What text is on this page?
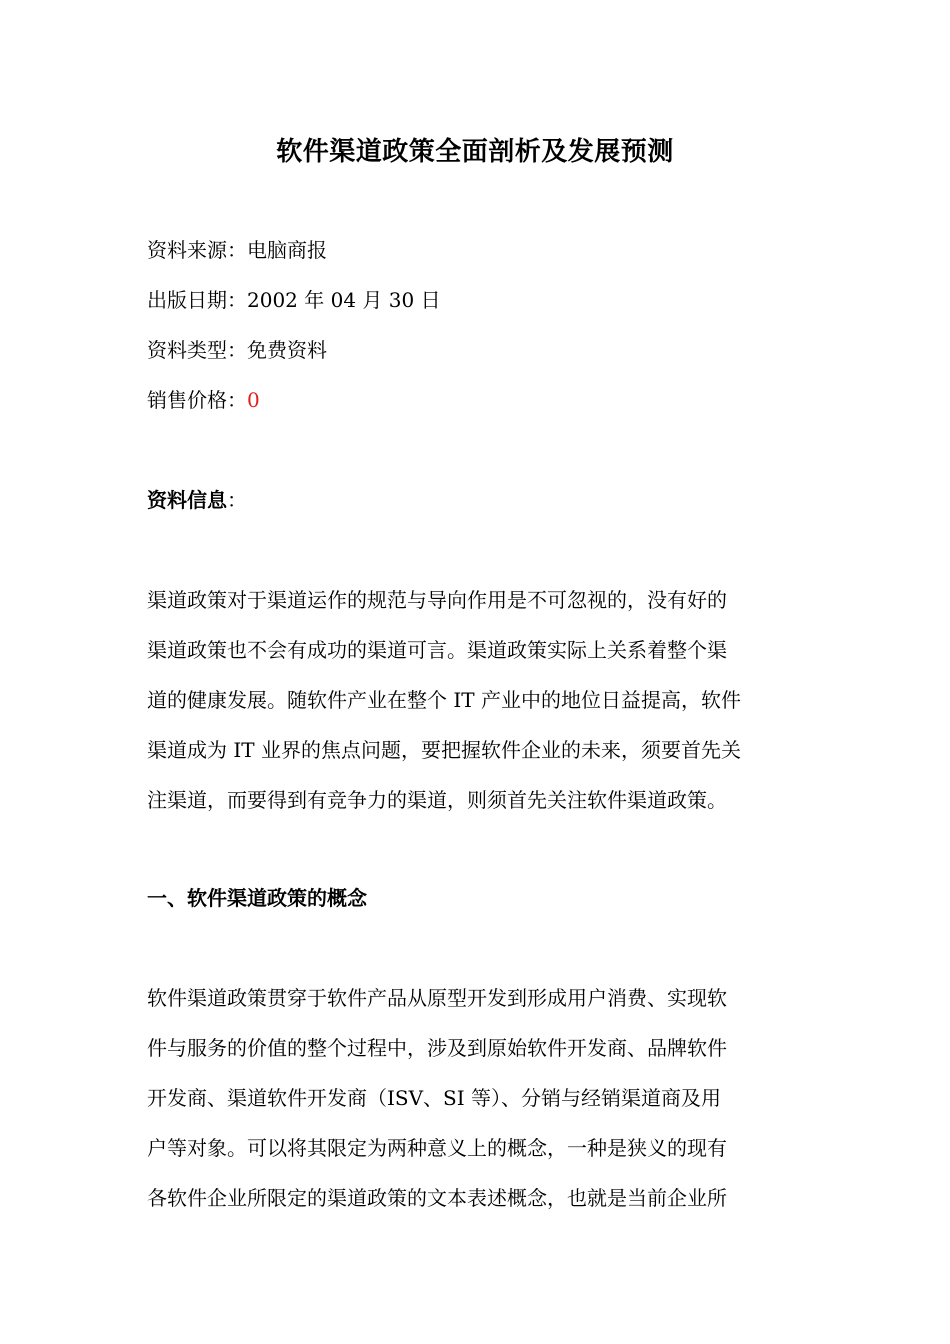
软件渠道政策全面剖析及发展预测
资料来源：电脑商报
出版日期：2002 年 04 月 30 日
资料类型：免费资料
销售价格：0
资料信息：
渠道政策对于渠道运作的规范与导向作用是不可忽视的，没有好的
渠道政策也不会有成功的渠道可言。渠道政策实际上关系着整个渠
道的健康发展。随软件产业在整个 IT 产业中的地位日益提高，软件
渠道成为 IT 业界的焦点问题，要把握软件企业的未来，须要首先关
注渠道，而要得到有竞争力的渠道，则须首先关注软件渠道政策。
一、软件渠道政策的概念
软件渠道政策贯穿于软件产品从原型开发到形成用户消费、实现软
件与服务的价值的整个过程中，涉及到原始软件开发商、品牌软件
开发商、渠道软件开发商（ISV、SI 等）、分销与经销渠道商及用
户等对象。可以将其限定为两种意义上的概念，一种是狭义的现有
各软件企业所限定的渠道政策的文本表述概念，也就是当前企业所
